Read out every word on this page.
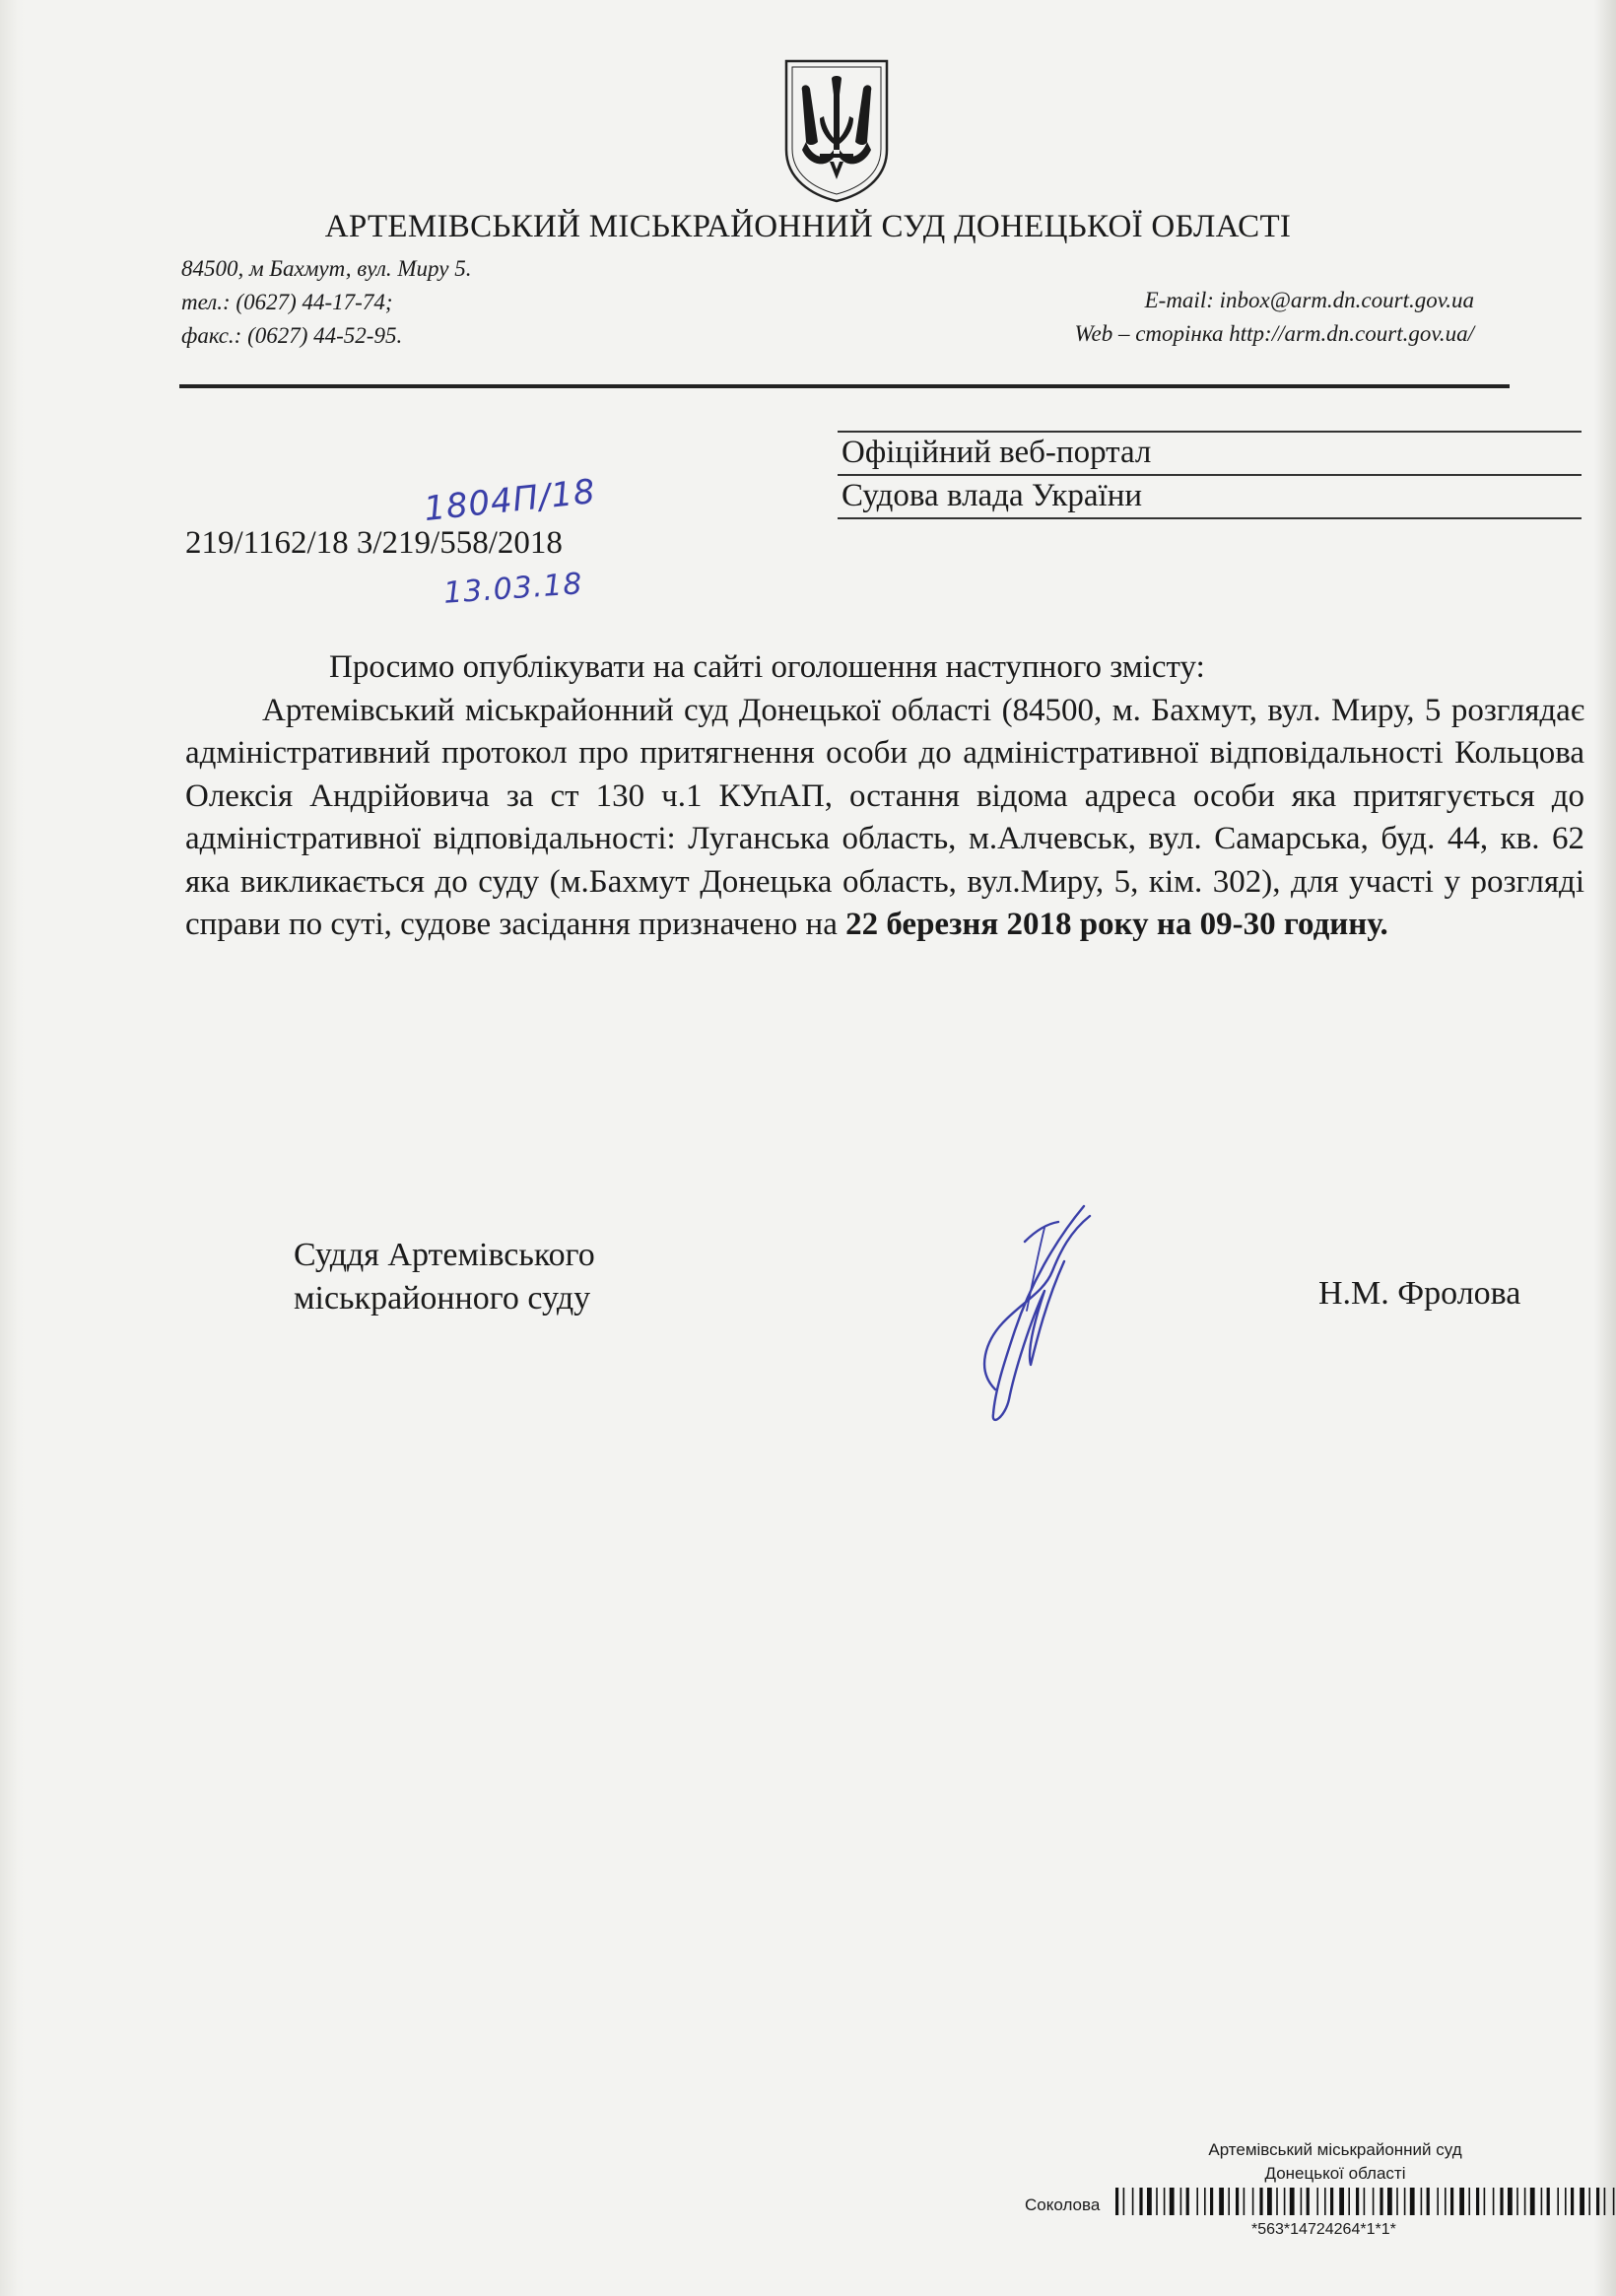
АРТЕМІВСЬКИЙ МІСЬКРАЙОННИЙ СУД ДОНЕЦЬКОЇ ОБЛАСТІ
84500, м Бахмут, вул. Миру 5.
тел.: (0627) 44-17-74;
факс.: (0627) 44-52-95.
E-mail: inbox@arm.dn.court.gov.ua
Web – сторінка http://arm.dn.court.gov.ua/
Офіційний веб-портал
Судова влада України
1804П/18
219/1162/18 3/219/558/2018
13.03.18

Просимо опублікувати на сайті оголошення наступного змісту:

Артемівський міськрайонний суд Донецької області (84500, м. Бахмут, вул. Миру, 5 розглядає адміністративний протокол про притягнення особи до адміністративної відповідальності Кольцова Олексія Андрійовича за ст 130 ч.1 КУпАП, остання відома адреса особи яка притягується до адміністративної відповідальності: Луганська область, м.Алчевськ, вул. Самарська, буд. 44, кв. 62 яка викликається до суду (м.Бахмут Донецька область, вул.Миру, 5, кім. 302), для участі у розгляді справи по суті, судове засідання призначено на 22 березня 2018 року на 09-30 годину.

Суддя Артемівського
міськрайонного суду	Н.М. Фролова
Артемівський міськрайонний суд
Донецької області
Соколова
*563*14724264*1*1*
